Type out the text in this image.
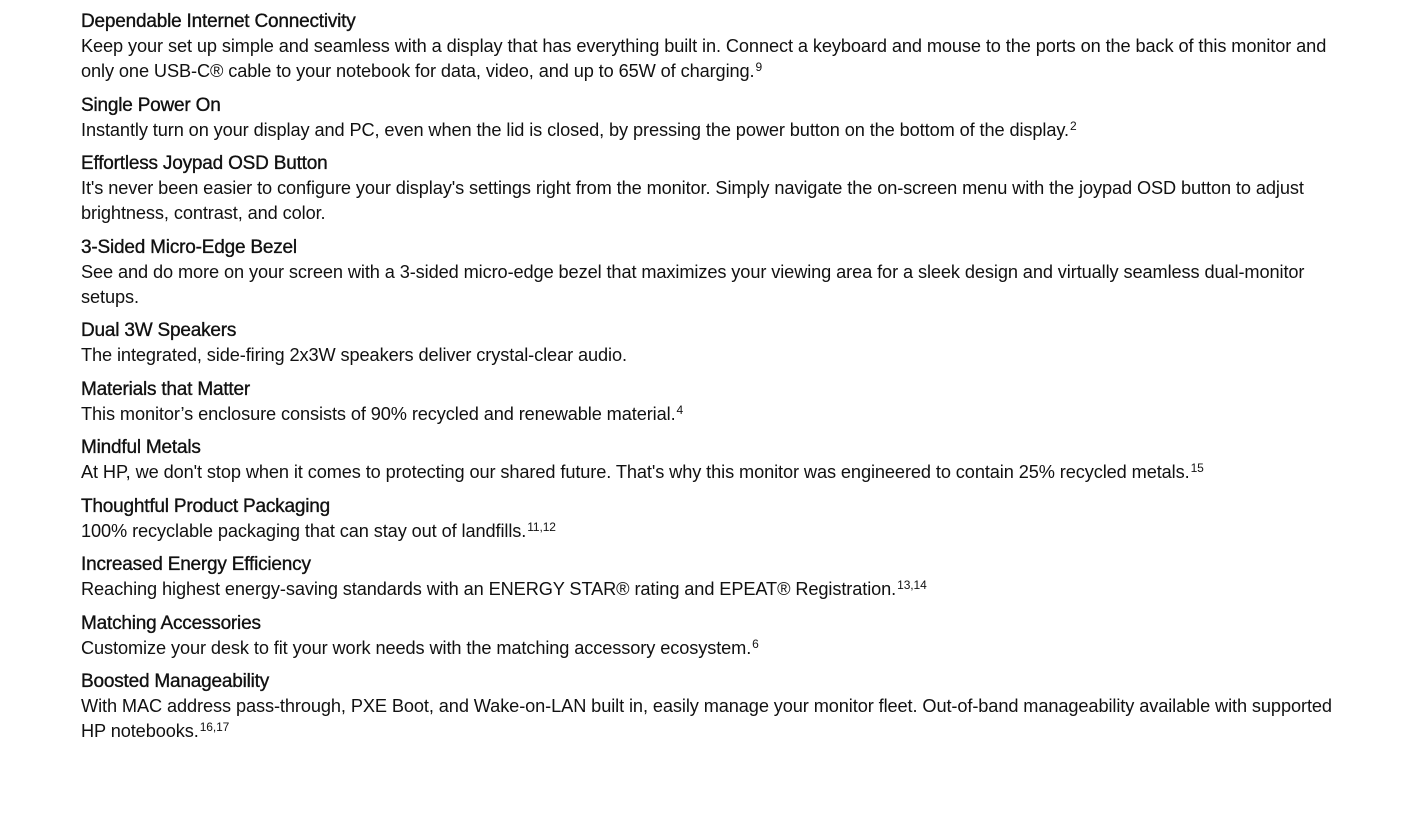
Dependable Internet Connectivity

Keep your set up simple and seamless with a display that has everything built in. Connect a keyboard and mouse to the ports on the back of this monitor and only one USB-C® cable to your notebook for data, video, and up to 65W of charging.$^9$

Single Power On

Instantly turn on your display and PC, even when the lid is closed, by pressing the power button on the bottom of the display.$^2$

Effortless Joypad OSD Button

It's never been easier to configure your display's settings right from the monitor. Simply navigate the on-screen menu with the joypad OSD button to adjust brightness, contrast, and color.

3-Sided Micro-Edge Bezel

See and do more on your screen with a 3-sided micro-edge bezel that maximizes your viewing area for a sleek design and virtually seamless dual-monitor setups.

Dual 3W Speakers

The integrated, side-firing 2x3W speakers deliver crystal-clear audio.

Materials that Matter

This monitor’s enclosure consists of 90% recycled and renewable material.$^4$

Mindful Metals

At HP, we don't stop when it comes to protecting our shared future. That's why this monitor was engineered to contain 25% recycled metals.$^{15}$

Thoughtful Product Packaging

100% recyclable packaging that can stay out of landfills.$^{11,12}$

Increased Energy Efficiency

Reaching highest energy-saving standards with an ENERGY STAR® rating and EPEAT® Registration.$^{13,14}$

Matching Accessories

Customize your desk to fit your work needs with the matching accessory ecosystem.$^6$

Boosted Manageability

With MAC address pass-through, PXE Boot, and Wake-on-LAN built in, easily manage your monitor fleet. Out-of-band manageability available with supported HP notebooks.$^{16,17}$
